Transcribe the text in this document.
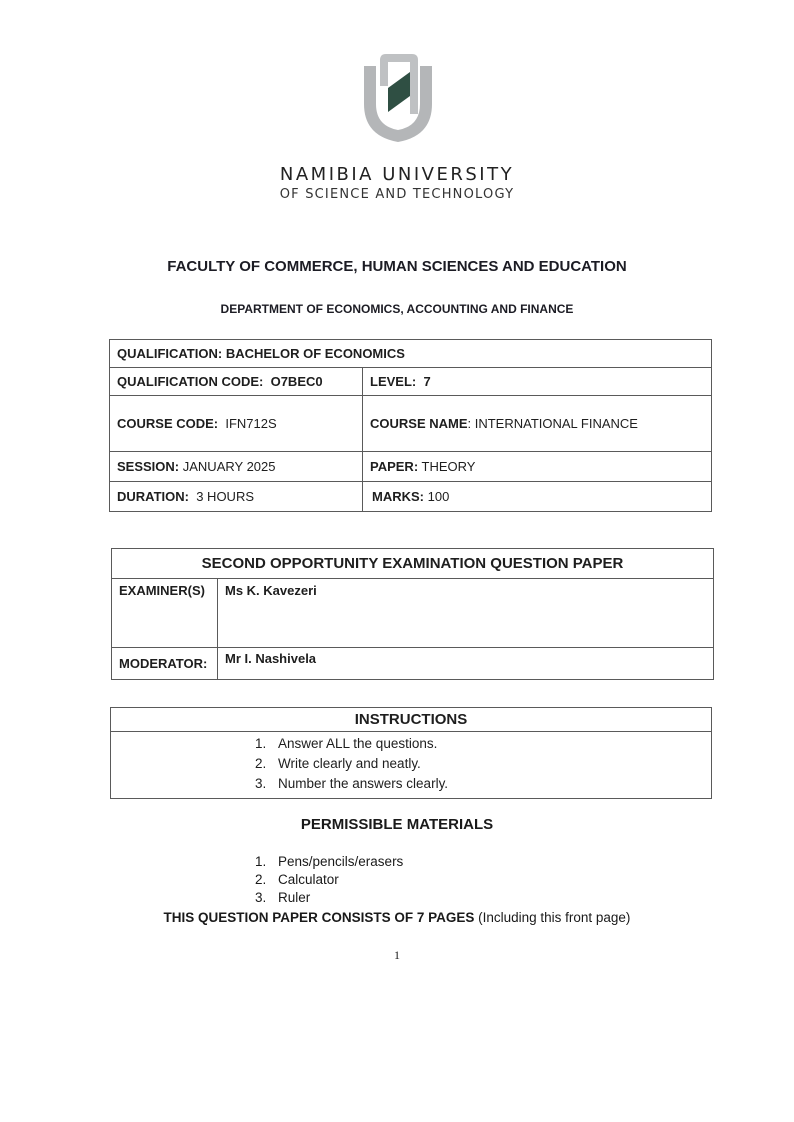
NAMIBIA UNIVERSITY
OF SCIENCE AND TECHNOLOGY
FACULTY OF COMMERCE, HUMAN SCIENCES AND EDUCATION
DEPARTMENT OF ECONOMICS, ACCOUNTING AND FINANCE
QUALIFICATION: BACHELOR OF ECONOMICS	
QUALIFICATION CODE: O7BEC0	LEVEL: 7
COURSE CODE: IFN712S	COURSE NAME: INTERNATIONAL FINANCE
SESSION: JANUARY 2025	PAPER: THEORY
DURATION: 3 HOURS	MARKS: 100
SECOND OPPORTUNITY EXAMINATION QUESTION PAPER	
EXAMINER(S)	Ms K. Kavezeri
MODERATOR:	Mr I. Nashivela
INSTRUCTIONS

1. Answer ALL the questions.
2. Write clearly and neatly.
3. Number the answers clearly.
PERMISSIBLE MATERIALS
1. Pens/pencils/erasers
2. Calculator
3. Ruler
THIS QUESTION PAPER CONSISTS OF 7 PAGES (Including this front page)
1
